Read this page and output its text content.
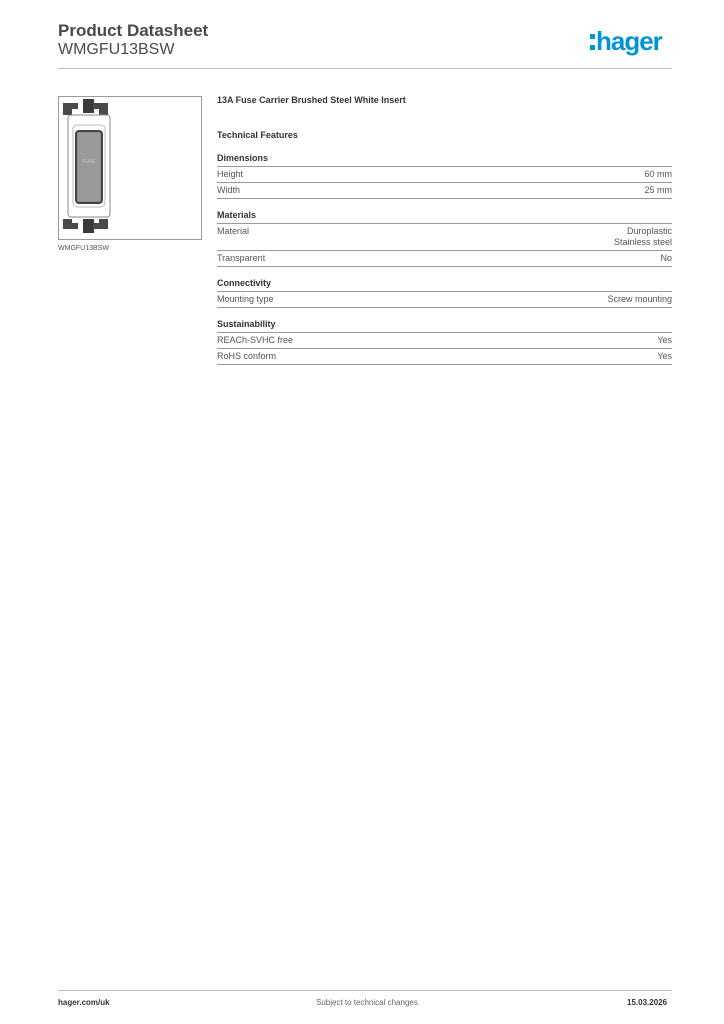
Product Datasheet
WMGFU13BSW	hager
FUSE
WMGFU13BSW
13A Fuse Carrier Brushed Steel White Insert
Technical Features
Dimensions
Height	60 mm
Width	25 mm
Materials
Material	Duroplastic
Stainless steel
Transparent	No
Connectivity
Mounting type	Screw mounting
Sustainability
REACh-SVHC free	Yes
RoHS conform	Yes
hager.com/uk	Subject to technical changes	15.03.2026
